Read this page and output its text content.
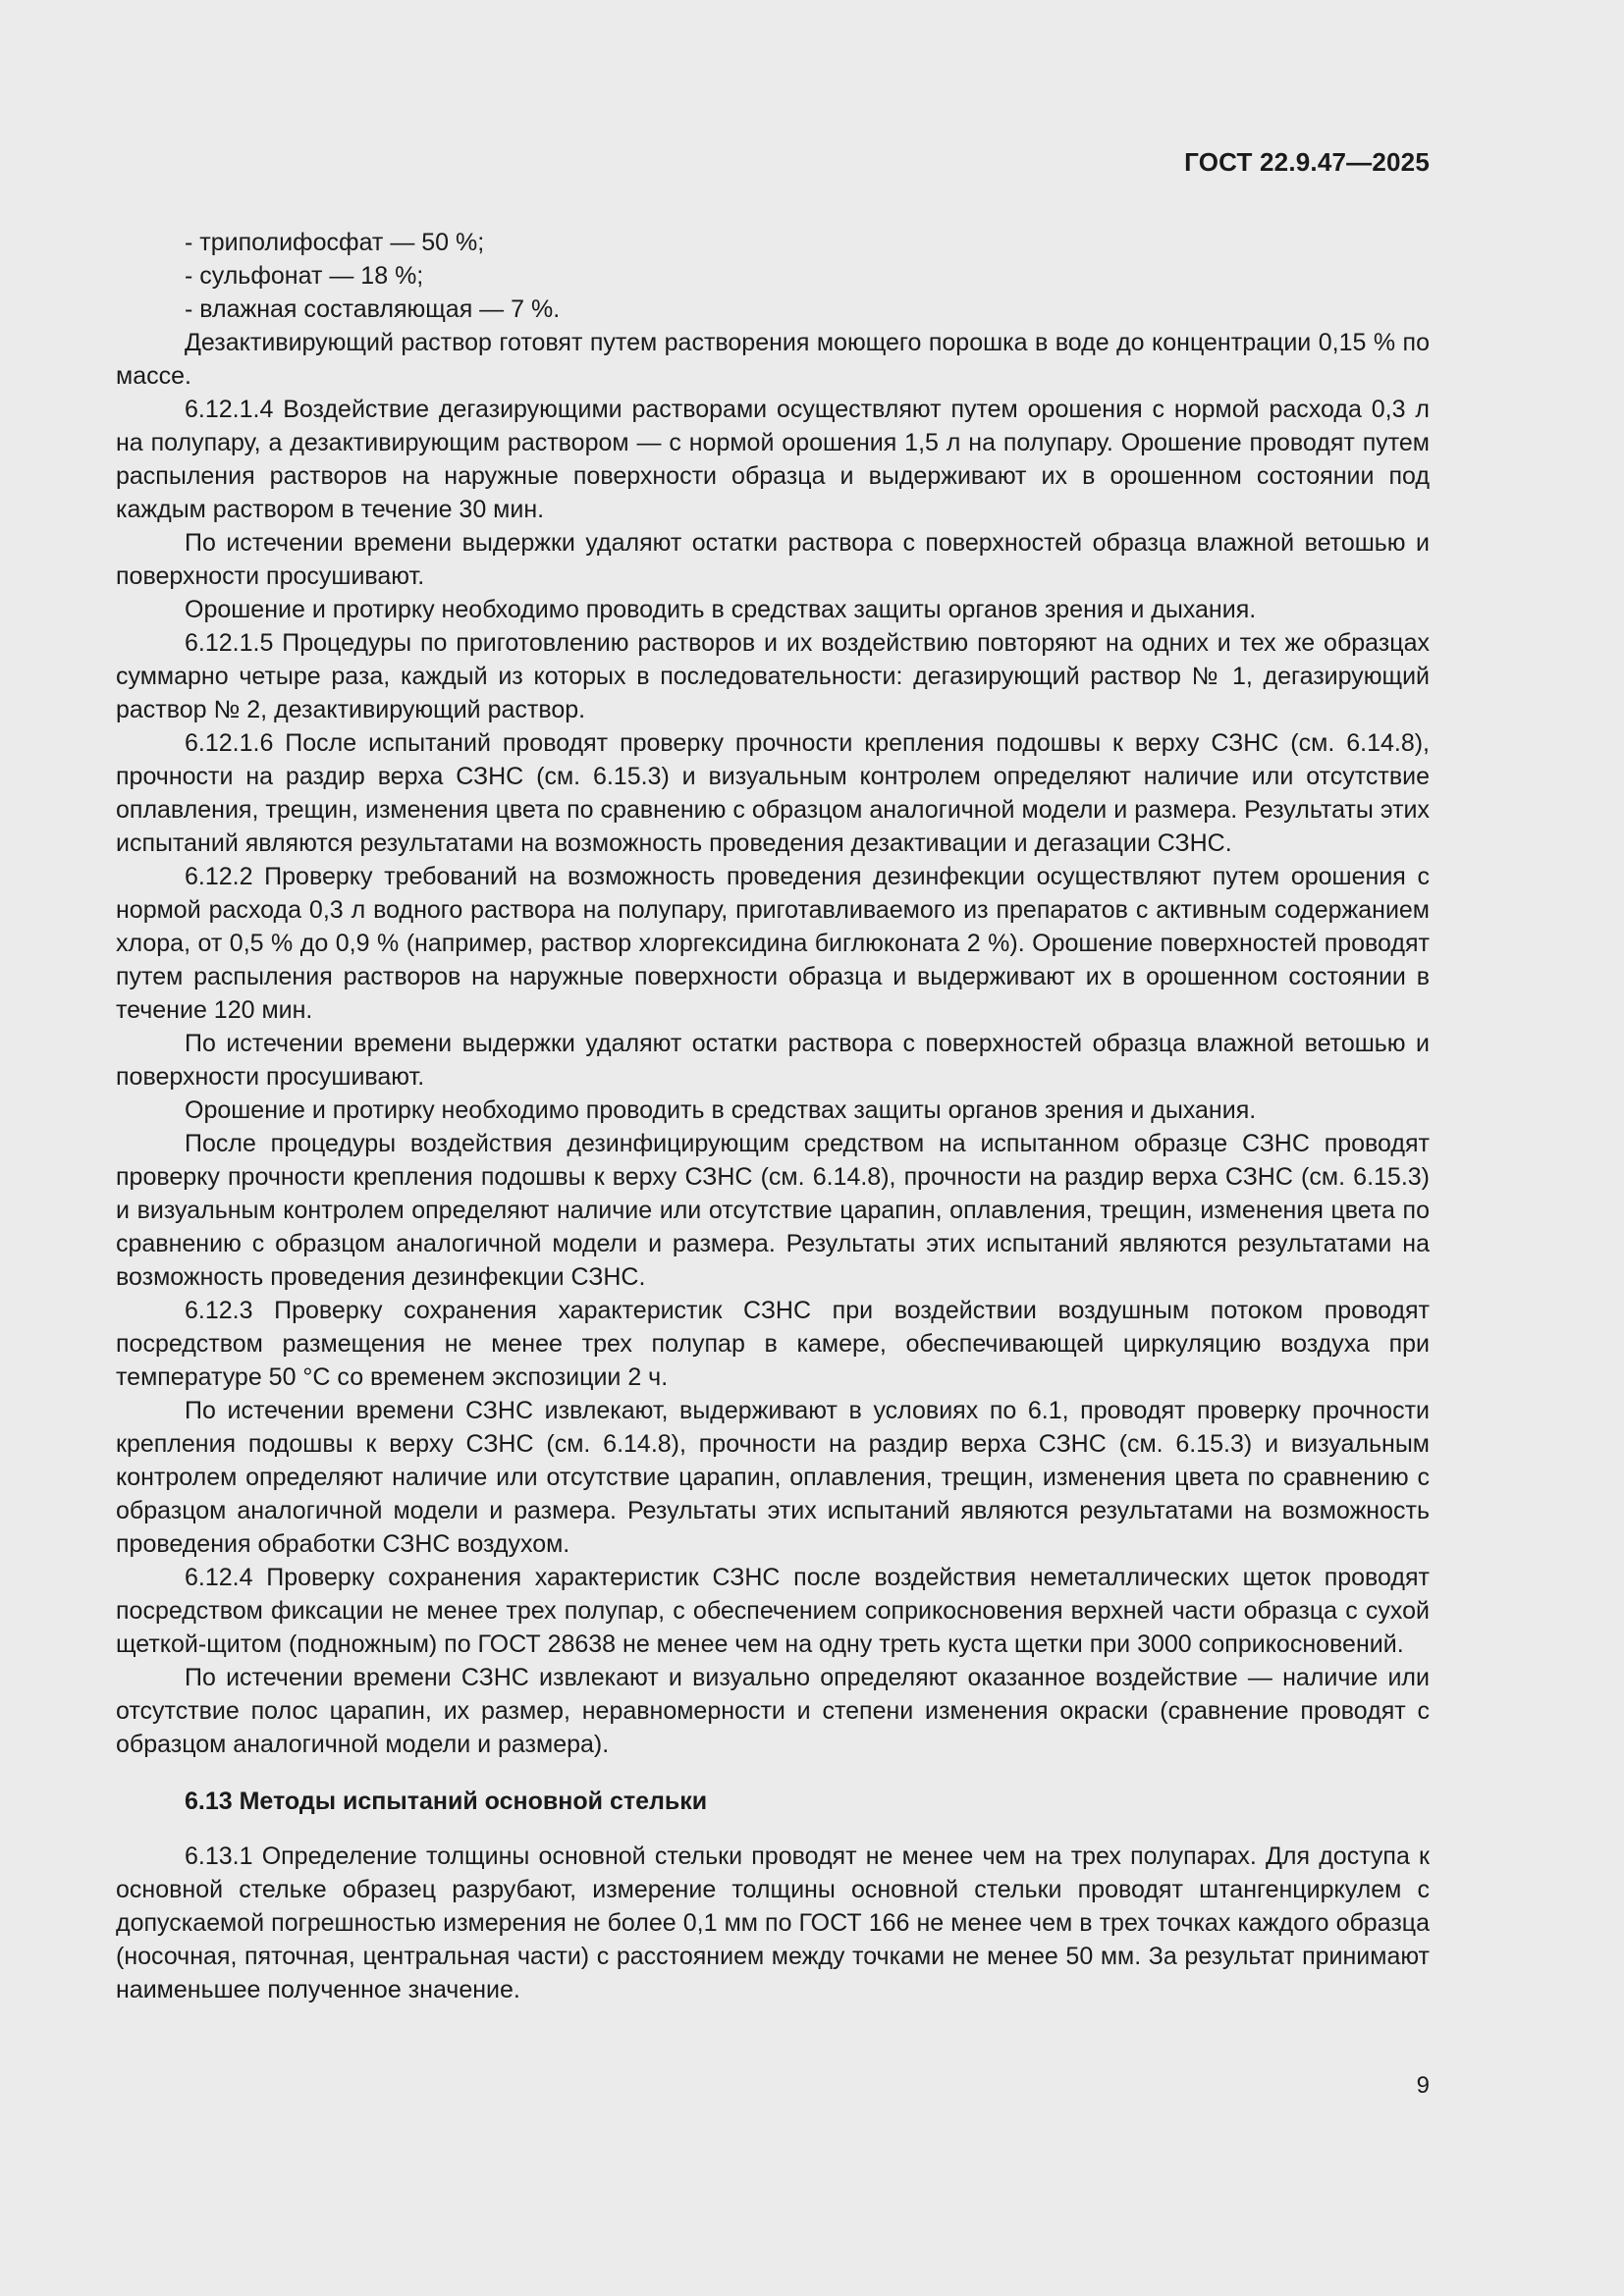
ГОСТ 22.9.47—2025

- триполифосфат — 50 %;

- сульфонат — 18 %;

- влажная составляющая — 7 %.

Дезактивирующий раствор готовят путем растворения моющего порошка в воде до концентрации 0,15 % по массе.

6.12.1.4 Воздействие дегазирующими растворами осуществляют путем орошения с нормой расхода 0,3 л на полупару, а дезактивирующим раствором — с нормой орошения 1,5 л на полупару. Орошение проводят путем распыления растворов на наружные поверхности образца и выдерживают их в орошенном состоянии под каждым раствором в течение 30 мин.

По истечении времени выдержки удаляют остатки раствора с поверхностей образца влажной ветошью и поверхности просушивают.

Орошение и протирку необходимо проводить в средствах защиты органов зрения и дыхания.

6.12.1.5 Процедуры по приготовлению растворов и их воздействию повторяют на одних и тех же образцах суммарно четыре раза, каждый из которых в последовательности: дегазирующий раствор № 1, дегазирующий раствор № 2, дезактивирующий раствор.

6.12.1.6 После испытаний проводят проверку прочности крепления подошвы к верху СЗНС (см. 6.14.8), прочности на раздир верха СЗНС (см. 6.15.3) и визуальным контролем определяют наличие или отсутствие оплавления, трещин, изменения цвета по сравнению с образцом аналогичной модели и размера. Результаты этих испытаний являются результатами на возможность проведения дезактивации и дегазации СЗНС.

6.12.2 Проверку требований на возможность проведения дезинфекции осуществляют путем орошения с нормой расхода 0,3 л водного раствора на полупару, приготавливаемого из препаратов с активным содержанием хлора, от 0,5 % до 0,9 % (например, раствор хлоргексидина биглюконата 2 %). Орошение поверхностей проводят путем распыления растворов на наружные поверхности образца и выдерживают их в орошенном состоянии в течение 120 мин.

По истечении времени выдержки удаляют остатки раствора с поверхностей образца влажной ветошью и поверхности просушивают.

Орошение и протирку необходимо проводить в средствах защиты органов зрения и дыхания.

После процедуры воздействия дезинфицирующим средством на испытанном образце СЗНС проводят проверку прочности крепления подошвы к верху СЗНС (см. 6.14.8), прочности на раздир верха СЗНС (см. 6.15.3) и визуальным контролем определяют наличие или отсутствие царапин, оплавления, трещин, изменения цвета по сравнению с образцом аналогичной модели и размера. Результаты этих испытаний являются результатами на возможность проведения дезинфекции СЗНС.

6.12.3 Проверку сохранения характеристик СЗНС при воздействии воздушным потоком проводят посредством размещения не менее трех полупар в камере, обеспечивающей циркуляцию воздуха при температуре 50 °С со временем экспозиции 2 ч.

По истечении времени СЗНС извлекают, выдерживают в условиях по 6.1, проводят проверку прочности крепления подошвы к верху СЗНС (см. 6.14.8), прочности на раздир верха СЗНС (см. 6.15.3) и визуальным контролем определяют наличие или отсутствие царапин, оплавления, трещин, изменения цвета по сравнению с образцом аналогичной модели и размера. Результаты этих испытаний являются результатами на возможность проведения обработки СЗНС воздухом.

6.12.4 Проверку сохранения характеристик СЗНС после воздействия неметаллических щеток проводят посредством фиксации не менее трех полупар, с обеспечением соприкосновения верхней части образца с сухой щеткой-щитом (подножным) по ГОСТ 28638 не менее чем на одну треть куста щетки при 3000 соприкосновений.

По истечении времени СЗНС извлекают и визуально определяют оказанное воздействие — наличие или отсутствие полос царапин, их размер, неравномерности и степени изменения окраски (сравнение проводят с образцом аналогичной модели и размера).

6.13 Методы испытаний основной стельки

6.13.1 Определение толщины основной стельки проводят не менее чем на трех полупарах. Для доступа к основной стельке образец разрубают, измерение толщины основной стельки проводят штангенциркулем с допускаемой погрешностью измерения не более 0,1 мм по ГОСТ 166 не менее чем в трех точках каждого образца (носочная, пяточная, центральная части) с расстоянием между точками не менее 50 мм. За результат принимают наименьшее полученное значение.

9
